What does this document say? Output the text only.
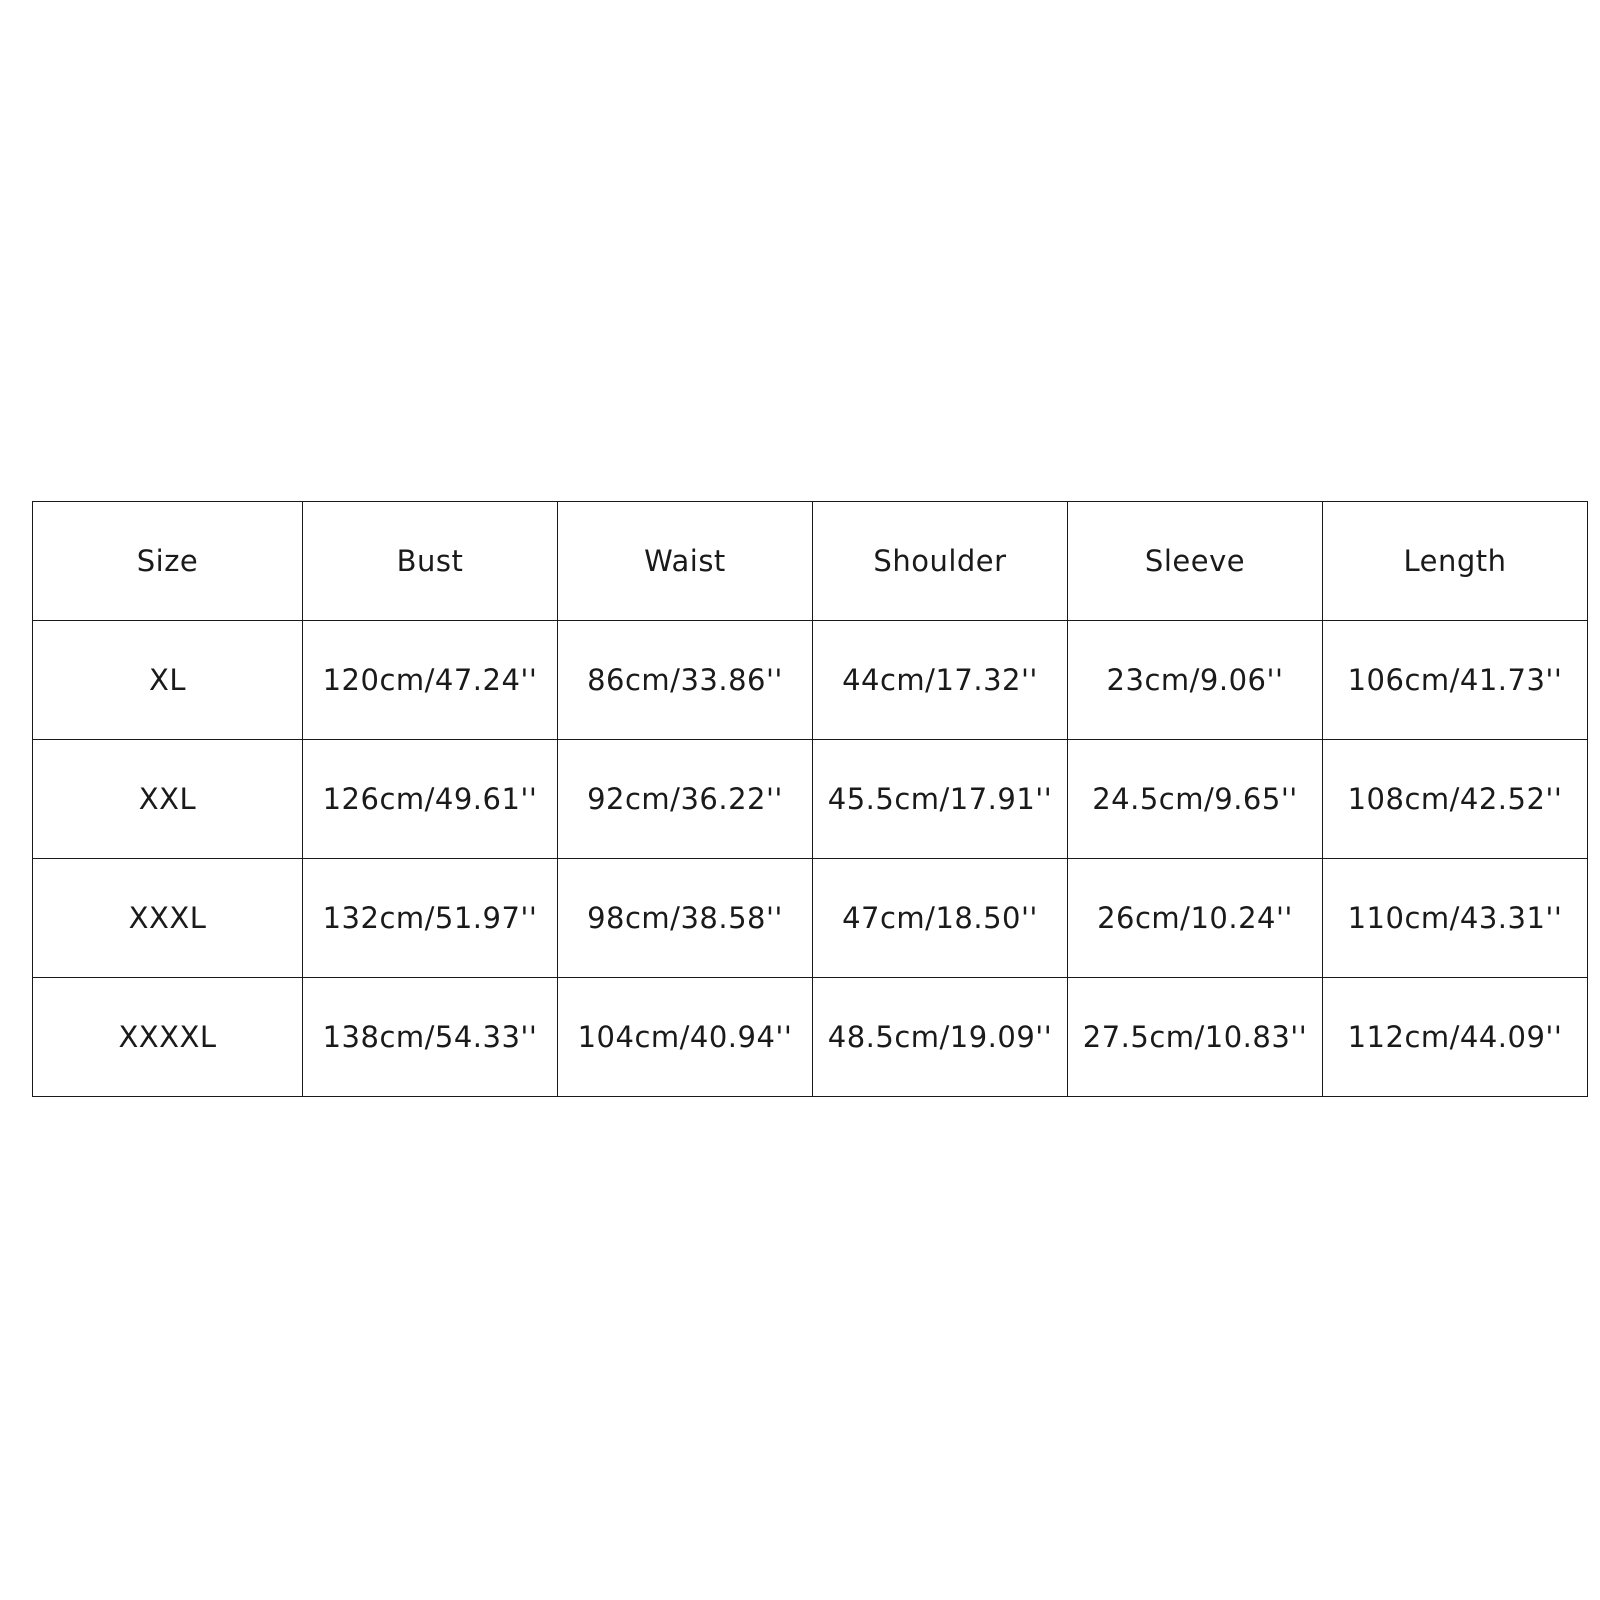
Size	Bust	Waist	Shoulder	Sleeve	Length
XL	120cm/47.24''	86cm/33.86''	44cm/17.32''	23cm/9.06''	106cm/41.73''
XXL	126cm/49.61''	92cm/36.22''	45.5cm/17.91''	24.5cm/9.65''	108cm/42.52''
XXXL	132cm/51.97''	98cm/38.58''	47cm/18.50''	26cm/10.24''	110cm/43.31''
XXXXL	138cm/54.33''	104cm/40.94''	48.5cm/19.09''	27.5cm/10.83''	112cm/44.09''
